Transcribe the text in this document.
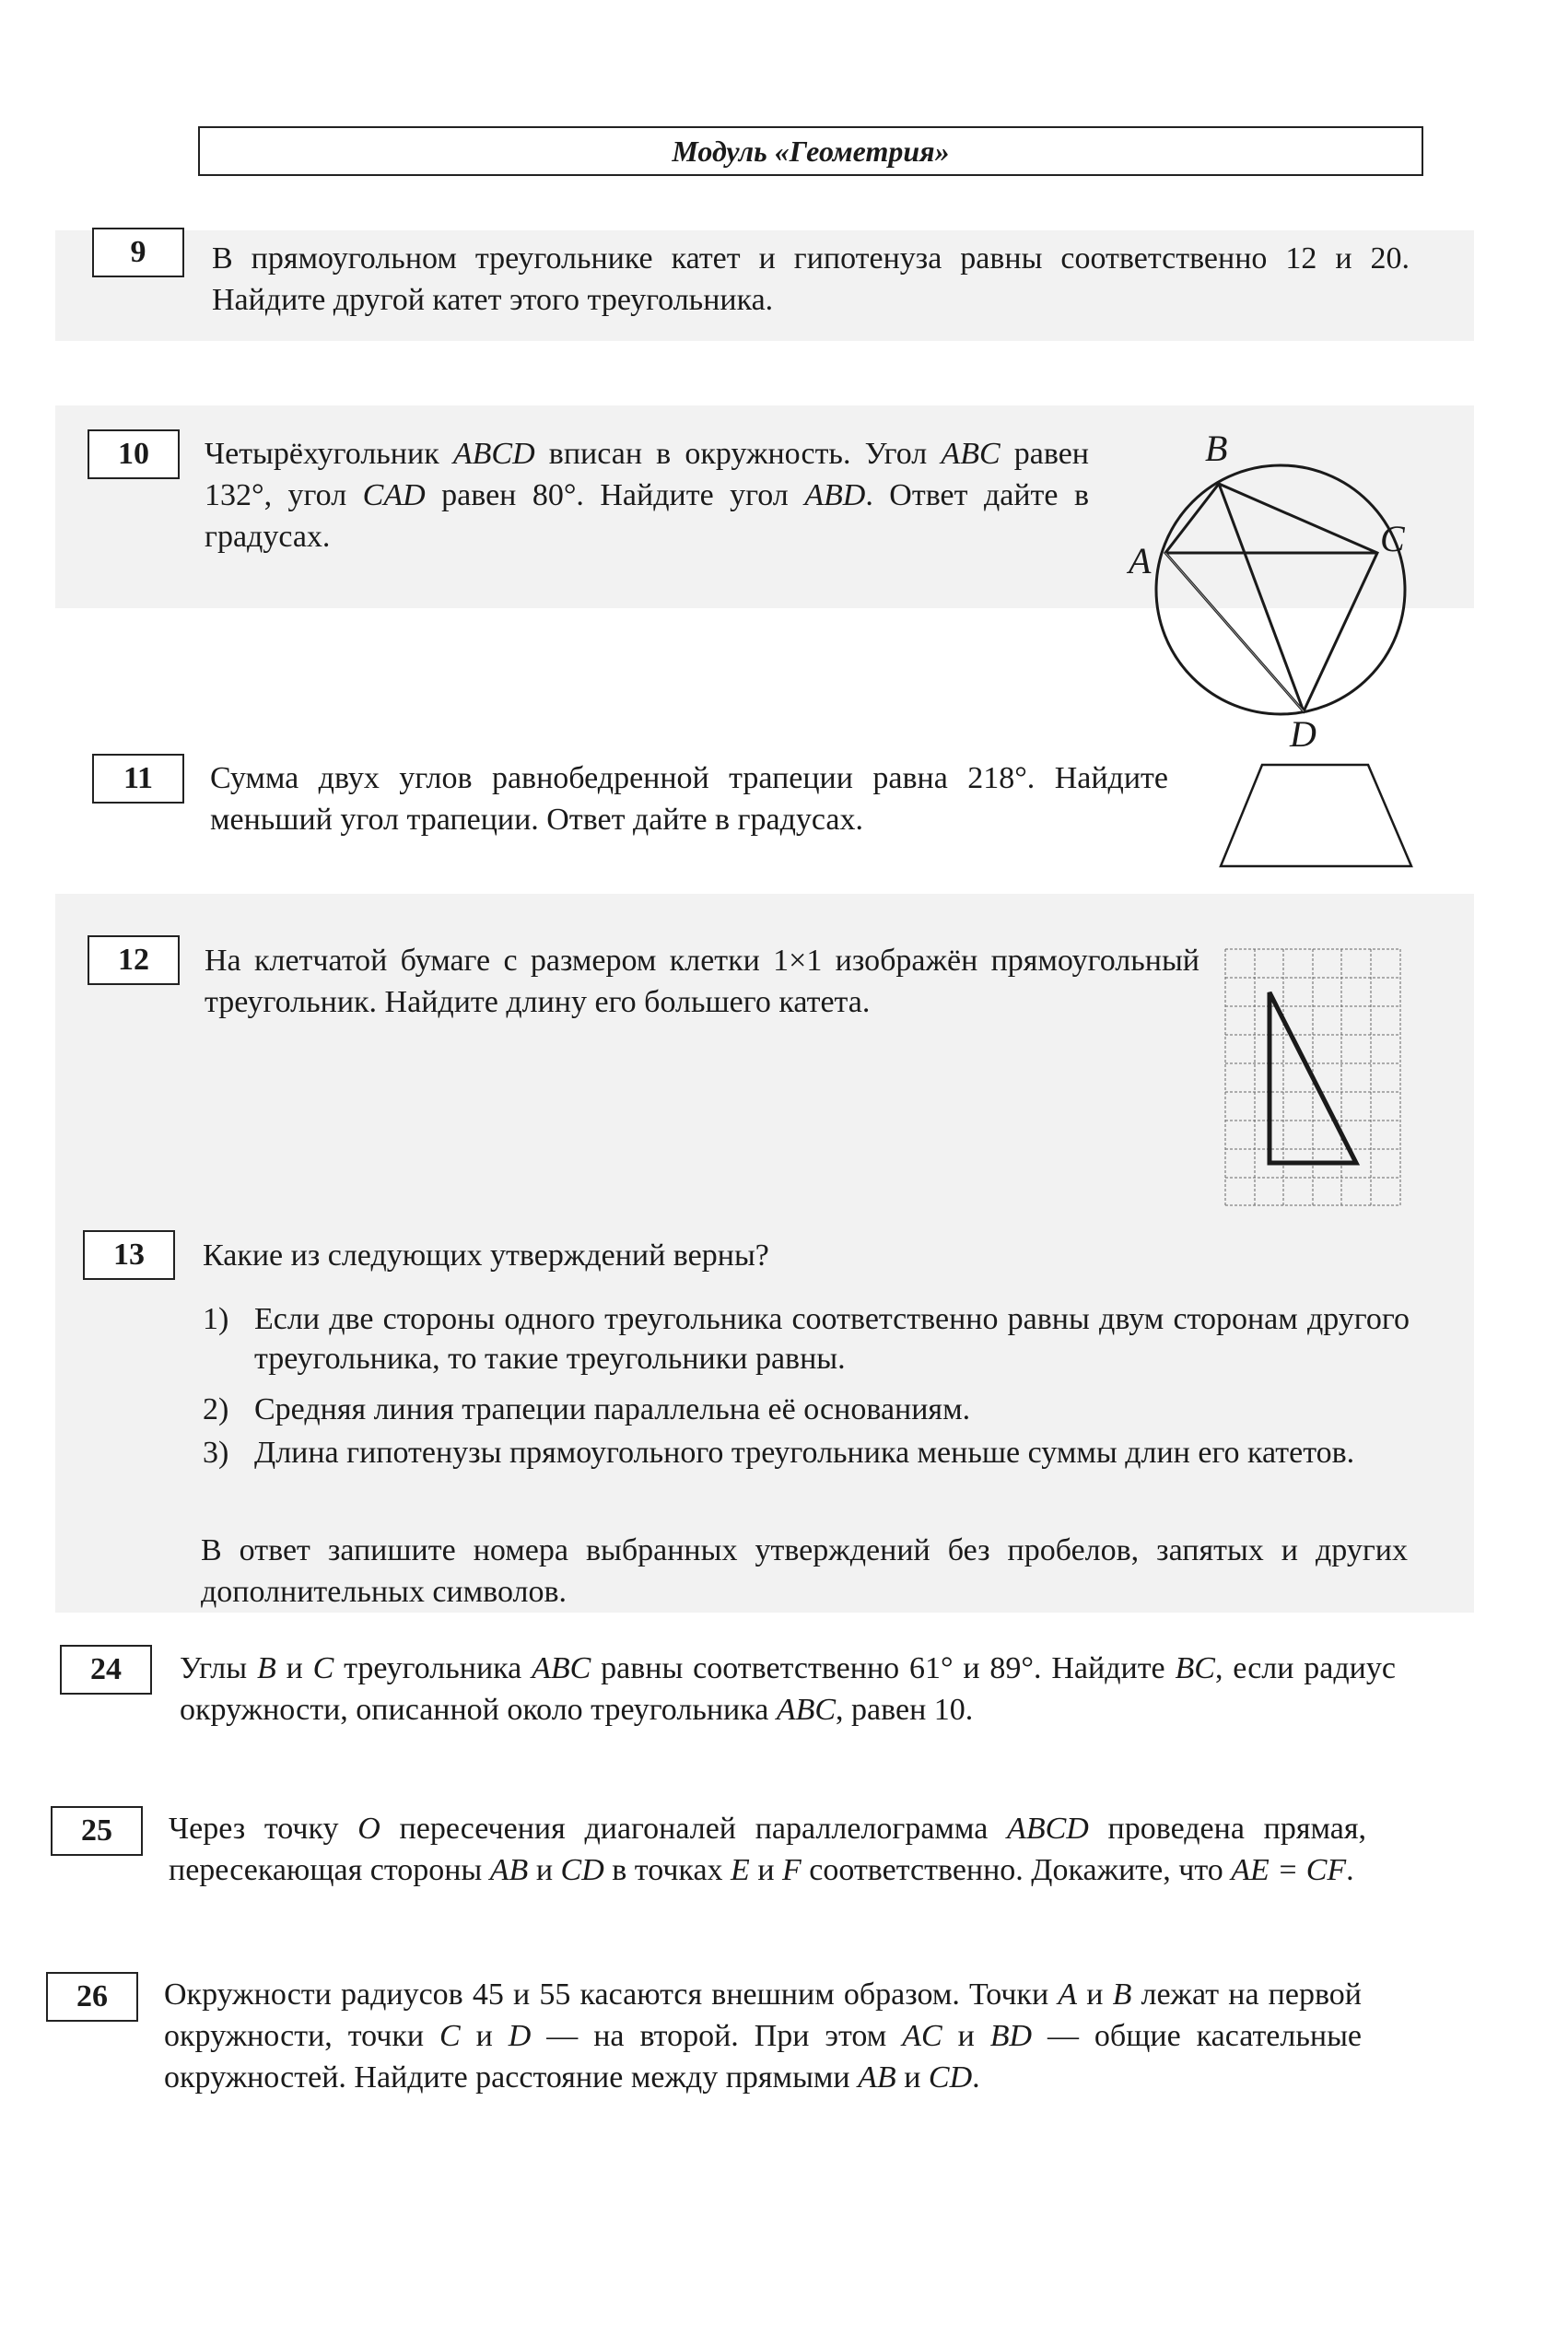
Модуль «Геометрия»
9	В прямоугольном треугольнике катет и гипотенуза равны соответственно 12 и 20. Найдите другой катет этого треугольника.
10	Четырёхугольник ABCD вписан в окружность. Угол ABC равен 132°, угол CAD равен 80°. Найдите угол ABD. Ответ дайте в градусах.
B
A
C
D
11	Сумма двух углов равнобедренной трапеции равна 218°. Найдите меньший угол трапеции. Ответ дайте в градусах.
12	На клетчатой бумаге с размером клетки 1×1 изображён прямоугольный треугольник. Найдите длину его большего катета.
13	Какие из следующих утверждений верны?
1) Если две стороны одного треугольника соответственно равны двум сторонам другого треугольника, то такие треугольники равны.
2) Средняя линия трапеции параллельна её основаниям.
3) Длина гипотенузы прямоугольного треугольника меньше суммы длин его катетов.
В ответ запишите номера выбранных утверждений без пробелов, запятых и других дополнительных символов.
24	Углы B и C треугольника ABC равны соответственно 61° и 89°. Найдите BC, если радиус окружности, описанной около треугольника ABC, равен 10.
25	Через точку O пересечения диагоналей параллелограмма ABCD проведена прямая, пересекающая стороны AB и CD в точках E и F соответственно. Докажите, что AE = CF.
26	Окружности радиусов 45 и 55 касаются внешним образом. Точки A и B лежат на первой окружности, точки C и D — на второй. При этом AC и BD — общие касательные окружностей. Найдите расстояние между прямыми AB и CD.
